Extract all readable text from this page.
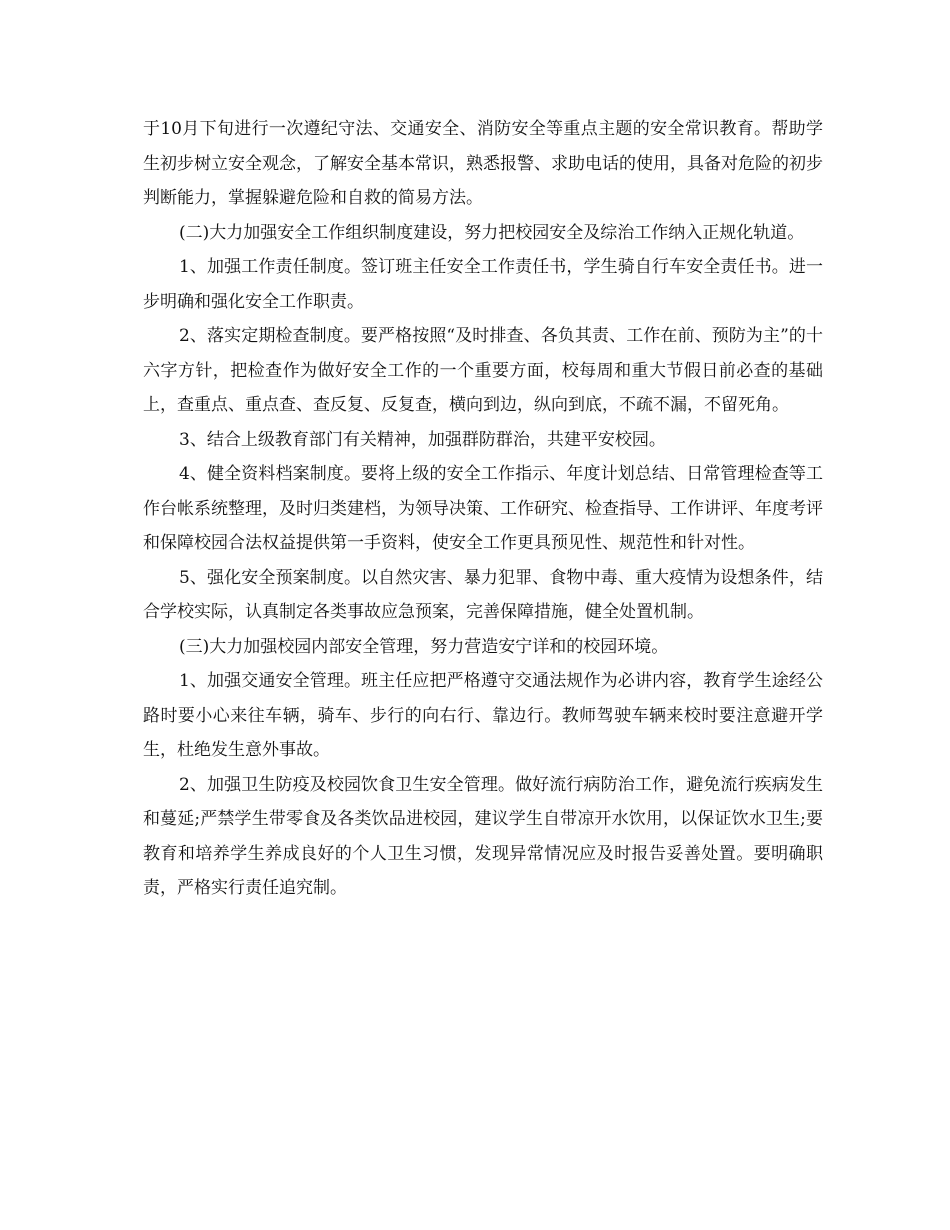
于10月下旬进行一次遵纪守法、交通安全、消防安全等重点主题的安全常识教育。帮助学生初步树立安全观念，了解安全基本常识，熟悉报警、求助电话的使用，具备对危险的初步判断能力，掌握躲避危险和自救的简易方法。

(二)大力加强安全工作组织制度建设，努力把校园安全及综治工作纳入正规化轨道。

1、加强工作责任制度。签订班主任安全工作责任书，学生骑自行车安全责任书。进一步明确和强化安全工作职责。

2、落实定期检查制度。要严格按照“及时排查、各负其责、工作在前、预防为主”的十六字方针，把检查作为做好安全工作的一个重要方面，校每周和重大节假日前必查的基础上，查重点、重点查、查反复、反复查，横向到边，纵向到底，不疏不漏，不留死角。

3、结合上级教育部门有关精神，加强群防群治，共建平安校园。

4、健全资料档案制度。要将上级的安全工作指示、年度计划总结、日常管理检查等工作台帐系统整理，及时归类建档，为领导决策、工作研究、检查指导、工作讲评、年度考评和保障校园合法权益提供第一手资料，使安全工作更具预见性、规范性和针对性。

5、强化安全预案制度。以自然灾害、暴力犯罪、食物中毒、重大疫情为设想条件，结合学校实际，认真制定各类事故应急预案，完善保障措施，健全处置机制。

(三)大力加强校园内部安全管理，努力营造安宁详和的校园环境。

1、加强交通安全管理。班主任应把严格遵守交通法规作为必讲内容，教育学生途经公路时要小心来往车辆，骑车、步行的向右行、靠边行。教师驾驶车辆来校时要注意避开学生，杜绝发生意外事故。

2、加强卫生防疫及校园饮食卫生安全管理。做好流行病防治工作，避免流行疾病发生和蔓延;严禁学生带零食及各类饮品进校园，建议学生自带凉开水饮用，以保证饮水卫生;要教育和培养学生养成良好的个人卫生习惯，发现异常情况应及时报告妥善处置。要明确职责，严格实行责任追究制。
